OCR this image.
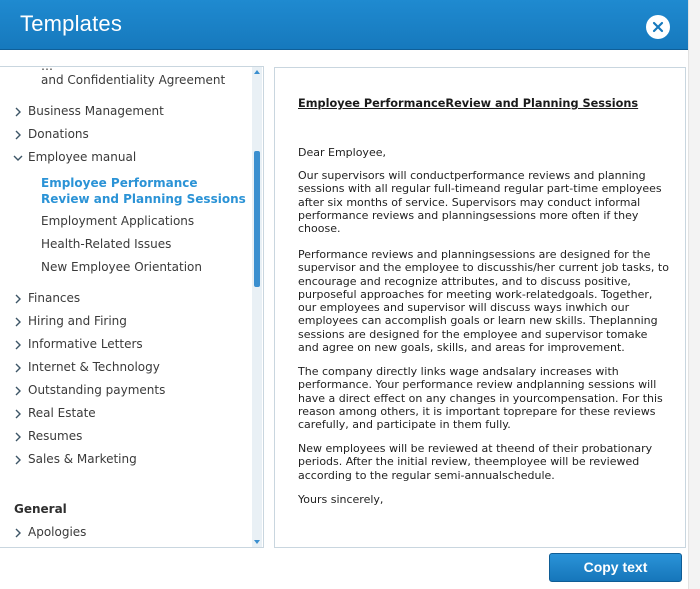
Templates
…
and Confidentiality Agreement
Business Management
Donations
Employee manual
Employee Performance
Review and Planning Sessions
Employment Applications
Health-Related Issues
New Employee Orientation
Finances
Hiring and Firing
Informative Letters
Internet & Technology
Outstanding payments
Real Estate
Resumes
Sales & Marketing
General
Apologies
Employee PerformanceReview and Planning Sessions
Dear Employee,
Our supervisors will conductperformance reviews and planning sessions with all regular full-timeand regular part-time employees after six months of service. Supervisors may conduct informal performance reviews and planningsessions more often if they choose.
Performance reviews and planningsessions are designed for the supervisor and the employee to discusshis/her current job tasks, to encourage and recognize attributes, and to discuss positive, purposeful approaches for meeting work-relatedgoals. Together, our employees and supervisor will discuss ways inwhich our employees can accomplish goals or learn new skills. Theplanning sessions are designed for the employee and supervisor tomake and agree on new goals, skills, and areas for improvement.
The company directly links wage andsalary increases with performance. Your performance review andplanning sessions will have a direct effect on any changes in yourcompensation. For this reason among others, it is important toprepare for these reviews carefully, and participate in them fully.
New employees will be reviewed at theend of their probationary periods. After the initial review, theemployee will be reviewed according to the regular semi-annualschedule.
Yours sincerely,
Copy text
